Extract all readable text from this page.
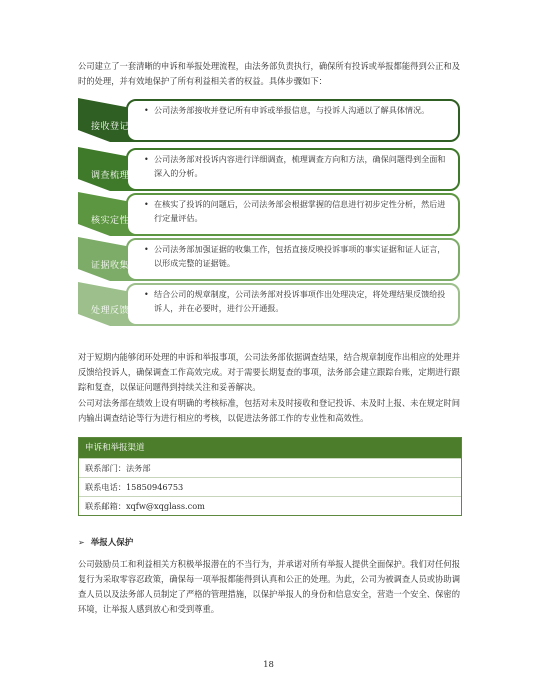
公司建立了一套清晰的申诉和举报处理流程，由法务部负责执行，确保所有投诉或举报都能得到公正和及时的处理，并有效地保护了所有利益相关者的权益。具体步骤如下：

接收登记
• 公司法务部接收并登记所有申诉或举报信息，与投诉人沟通以了解具体情况。

调查梳理
• 公司法务部对投诉内容进行详细调查，梳理调查方向和方法，确保问题得到全面和深入的分析。

核实定性
• 在核实了投诉的问题后，公司法务部会根据掌握的信息进行初步定性分析，然后进行定量评估。

证据收集
• 公司法务部加强证据的收集工作，包括直接反映投诉事项的事实证据和证人证言，以形成完整的证据链。

处理反馈
• 结合公司的规章制度，公司法务部对投诉事项作出处理决定，将处理结果反馈给投诉人，并在必要时，进行公开通报。

对于短期内能够闭环处理的申诉和举报事项，公司法务部依据调查结果，结合规章制度作出相应的处理并反馈给投诉人，确保调查工作高效完成。对于需要长期复查的事项，法务部会建立跟踪台账，定期进行跟踪和复查，以保证问题得到持续关注和妥善解决。

公司对法务部在绩效上设有明确的考核标准，包括对未及时接收和登记投诉、未及时上报、未在规定时间内输出调查结论等行为进行相应的考核，以促进法务部工作的专业性和高效性。

申诉和举报渠道
联系部门：法务部
联系电话：15850946753
联系邮箱：xqfw@xqglass.com
➢ 举报人保护

公司鼓励员工和利益相关方积极举报潜在的不当行为，并承诺对所有举报人提供全面保护。我们对任何报复行为采取零容忍政策，确保每一项举报都能得到认真和公正的处理。为此，公司为被调查人员或协助调查人员以及法务部人员制定了严格的管理措施，以保护举报人的身份和信息安全，营造一个安全、保密的环境，让举报人感到放心和受到尊重。

18
